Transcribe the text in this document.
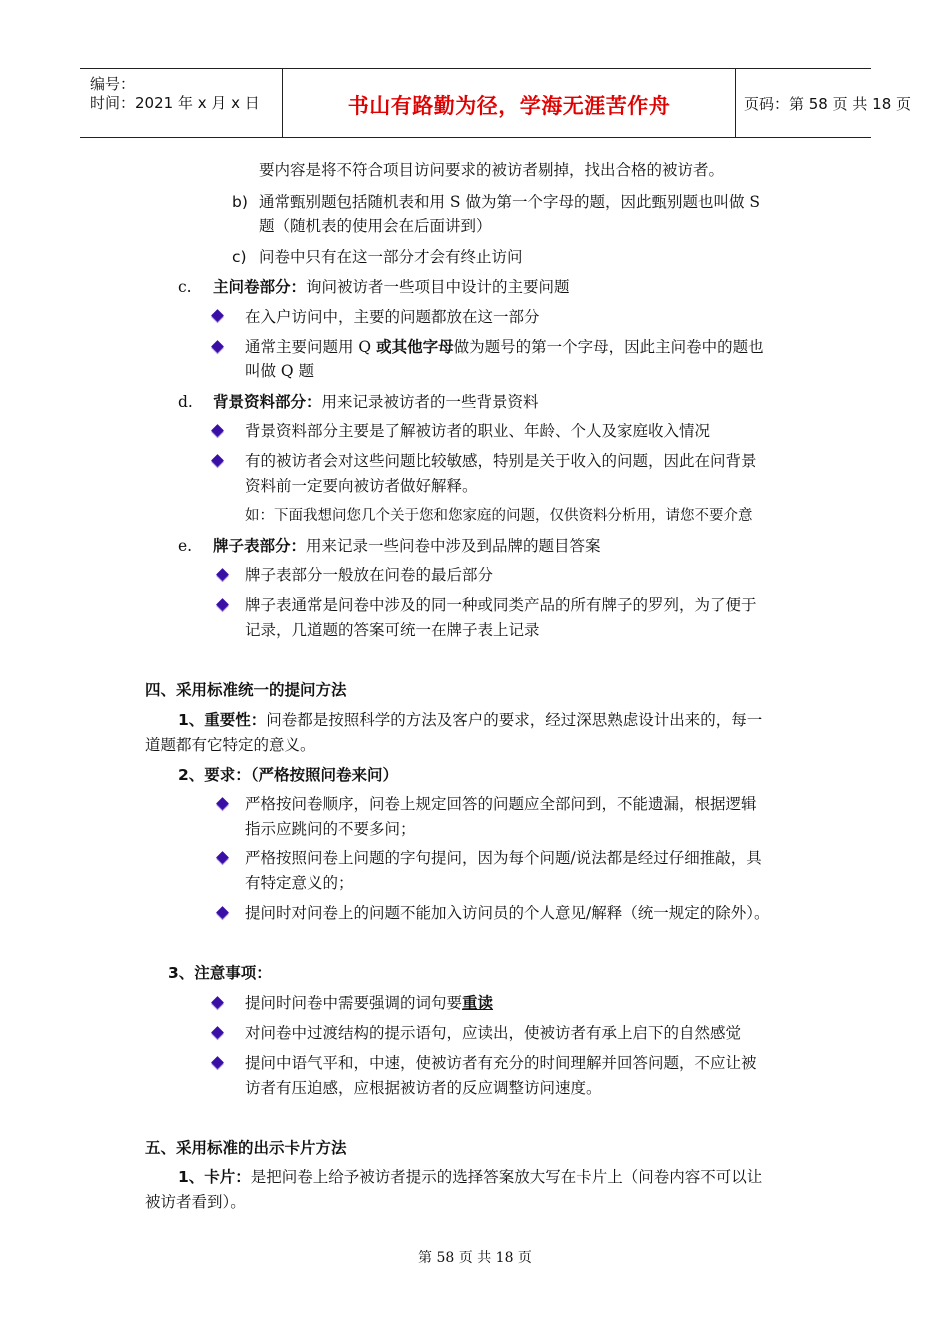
编号：
时间：2021 年 x 月 x 日	书山有路勤为径，学海无涯苦作舟	页码：第 58 页 共 18 页
要内容是将不符合项目访问要求的被访者剔掉，找出合格的被访者。
b) 通常甄别题包括随机表和用 S 做为第一个字母的题，因此甄别题也叫做 S
题（随机表的使用会在后面讲到）
c) 问卷中只有在这一部分才会有终止访问
c. 主问卷部分：询问被访者一些项目中设计的主要问题
在入户访问中，主要的问题都放在这一部分
通常主要问题用 Q 或其他字母做为题号的第一个字母，因此主问卷中的题也
叫做 Q 题
d. 背景资料部分：用来记录被访者的一些背景资料
背景资料部分主要是了解被访者的职业、年龄、个人及家庭收入情况
有的被访者会对这些问题比较敏感，特别是关于收入的问题，因此在问背景
资料前一定要向被访者做好解释。
如：下面我想问您几个关于您和您家庭的问题，仅供资料分析用，请您不要介意
e. 牌子表部分：用来记录一些问卷中涉及到品牌的题目答案
牌子表部分一般放在问卷的最后部分
牌子表通常是问卷中涉及的同一种或同类产品的所有牌子的罗列，为了便于
记录，几道题的答案可统一在牌子表上记录
四、采用标准统一的提问方法
1、重要性：问卷都是按照科学的方法及客户的要求，经过深思熟虑设计出来的，每一
道题都有它特定的意义。
2、要求：（严格按照问卷来问）
严格按问卷顺序，问卷上规定回答的问题应全部问到，不能遗漏，根据逻辑
指示应跳问的不要多问；
严格按照问卷上问题的字句提问，因为每个问题/说法都是经过仔细推敲，具
有特定意义的；
提问时对问卷上的问题不能加入访问员的个人意见/解释（统一规定的除外）。
3、注意事项：
提问时问卷中需要强调的词句要重读
对问卷中过渡结构的提示语句，应读出，使被访者有承上启下的自然感觉
提问中语气平和，中速，使被访者有充分的时间理解并回答问题，不应让被
访者有压迫感，应根据被访者的反应调整访问速度。
五、采用标准的出示卡片方法
1、卡片：是把问卷上给予被访者提示的选择答案放大写在卡片上（问卷内容不可以让
被访者看到）。
第 58 页 共 18 页
